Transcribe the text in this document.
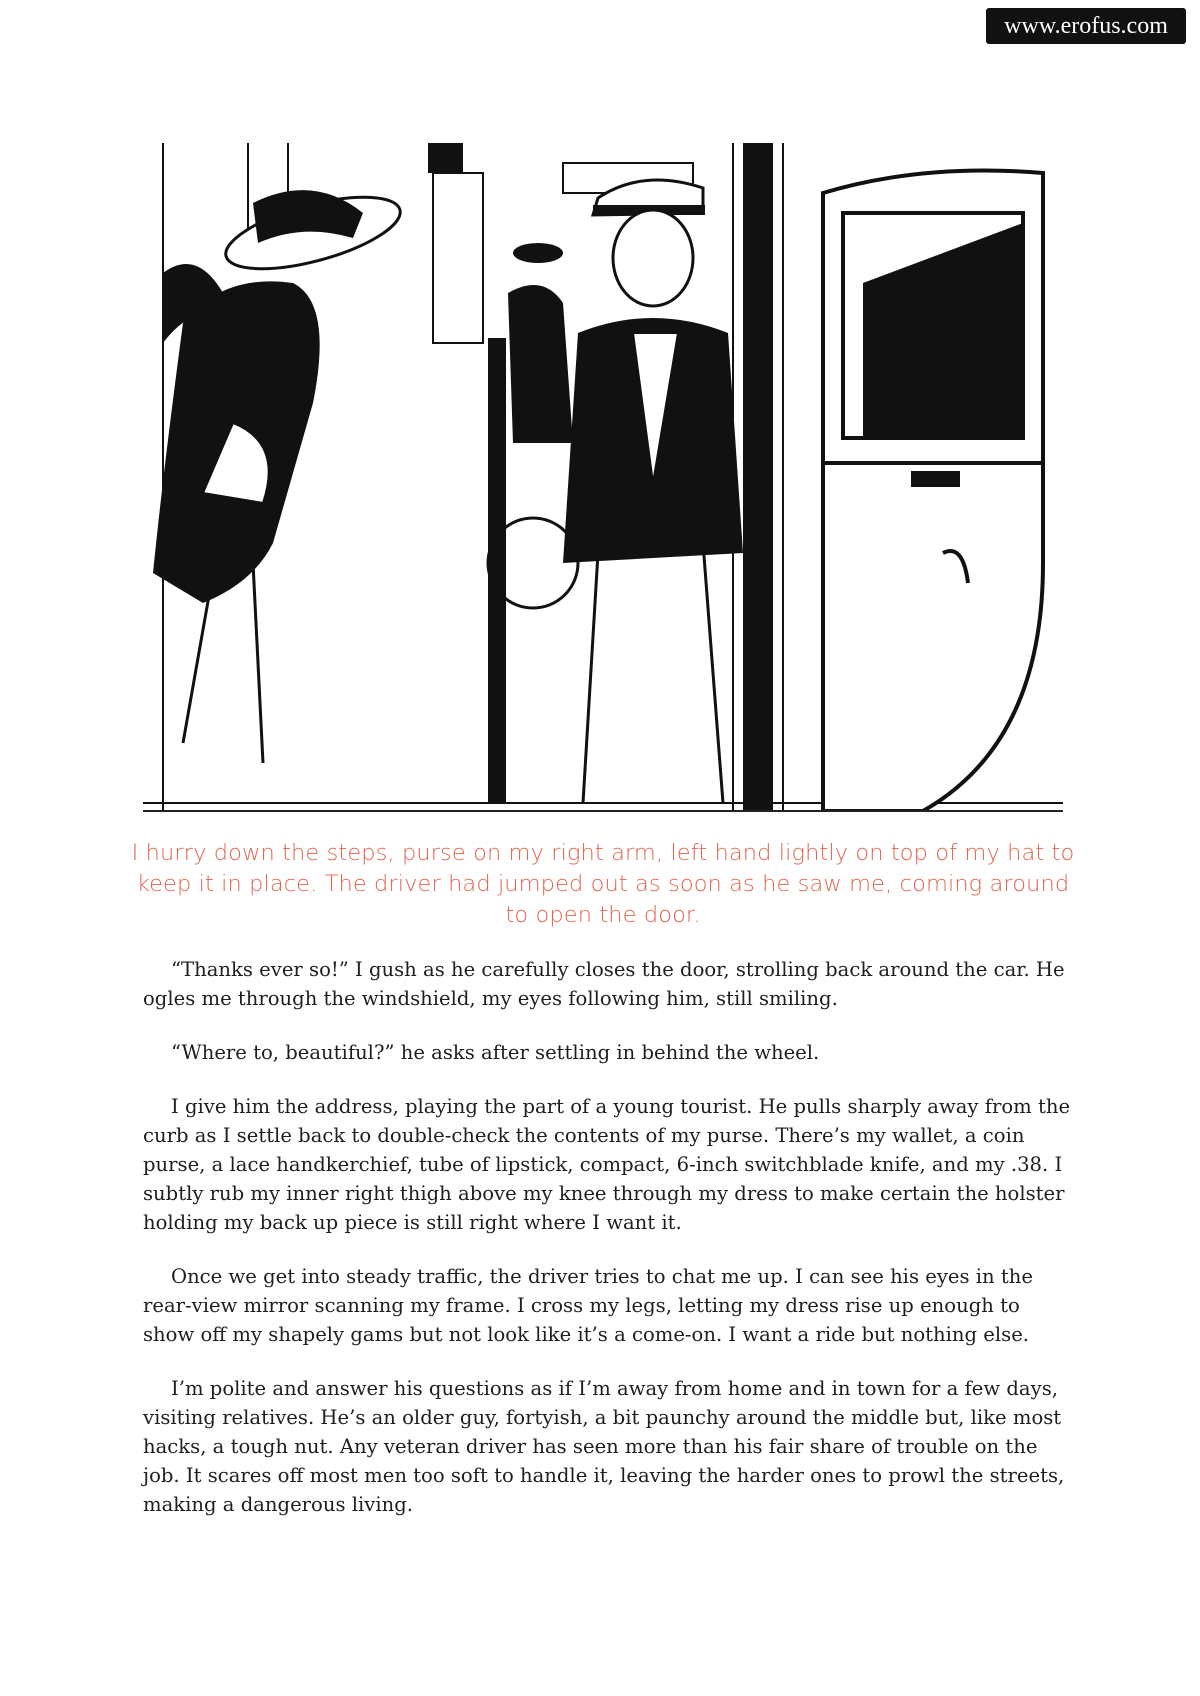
www.erofus.com
I hurry down the steps, purse on my right arm, left hand lightly on top of my hat to keep it in place. The driver had jumped out as soon as he saw me, coming around to open the door.

“Thanks ever so!” I gush as he carefully closes the door, strolling back around the car. He ogles me through the windshield, my eyes following him, still smiling.

“Where to, beautiful?” he asks after settling in behind the wheel.

I give him the address, playing the part of a young tourist. He pulls sharply away from the curb as I settle back to double-check the contents of my purse. There’s my wallet, a coin purse, a lace handkerchief, tube of lipstick, compact, 6-inch switchblade knife, and my .38. I subtly rub my inner right thigh above my knee through my dress to make certain the holster holding my back up piece is still right where I want it.

Once we get into steady traffic, the driver tries to chat me up. I can see his eyes in the rear-view mirror scanning my frame. I cross my legs, letting my dress rise up enough to show off my shapely gams but not look like it’s a come-on. I want a ride but nothing else.

I’m polite and answer his questions as if I’m away from home and in town for a few days, visiting relatives. He’s an older guy, fortyish, a bit paunchy around the middle but, like most hacks, a tough nut. Any veteran driver has seen more than his fair share of trouble on the job. It scares off most men too soft to handle it, leaving the harder ones to prowl the streets, making a dangerous living.
